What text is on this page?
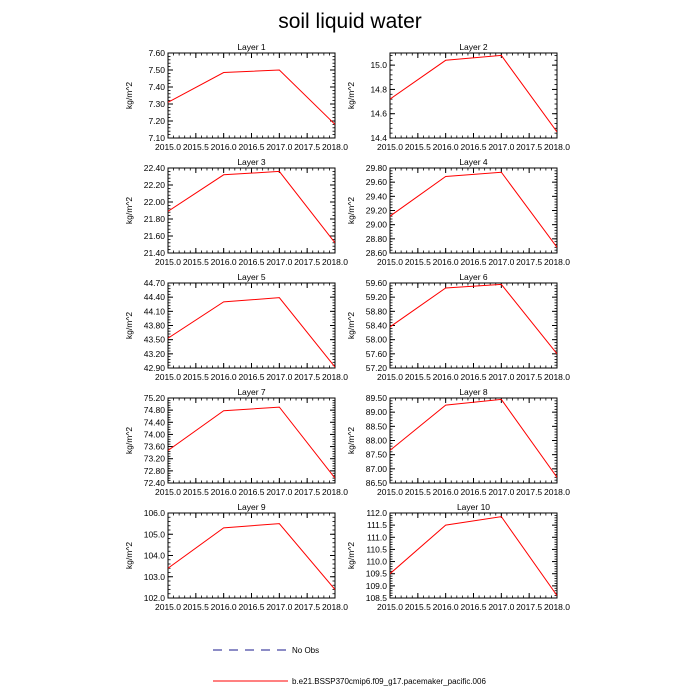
soil liquid water
Layer 1
2015.0 2015.5 2016.0 2016.5 2017.0 2017.5 2018.0
7.10
7.20
7.30
7.40
7.50
7.60
kg/m^2
Layer 2
2015.0 2015.5 2016.0 2016.5 2017.0 2017.5 2018.0
14.4
14.6
14.8
15.0
kg/m^2
Layer 3
2015.0 2015.5 2016.0 2016.5 2017.0 2017.5 2018.0
21.40
21.60
21.80
22.00
22.20
22.40
kg/m^2
Layer 4
2015.0 2015.5 2016.0 2016.5 2017.0 2017.5 2018.0
28.60
28.80
29.00
29.20
29.40
29.60
29.80
kg/m^2
Layer 5
2015.0 2015.5 2016.0 2016.5 2017.0 2017.5 2018.0
42.90
43.20
43.50
43.80
44.10
44.40
44.70
kg/m^2
Layer 6
2015.0 2015.5 2016.0 2016.5 2017.0 2017.5 2018.0
57.20
57.60
58.00
58.40
58.80
59.20
59.60
kg/m^2
Layer 7
2015.0 2015.5 2016.0 2016.5 2017.0 2017.5 2018.0
72.40
72.80
73.20
73.60
74.00
74.40
74.80
75.20
kg/m^2
Layer 8
2015.0 2015.5 2016.0 2016.5 2017.0 2017.5 2018.0
86.50
87.00
87.50
88.00
88.50
89.00
89.50
kg/m^2
Layer 9
2015.0 2015.5 2016.0 2016.5 2017.0 2017.5 2018.0
102.0
103.0
104.0
105.0
106.0
kg/m^2
Layer 10
2015.0 2015.5 2016.0 2016.5 2017.0 2017.5 2018.0
108.5
109.0
109.5
110.0
110.5
111.0
111.5
112.0
kg/m^2
No Obs
b.e21.BSSP370cmip6.f09_g17.pacemaker_pacific.006
